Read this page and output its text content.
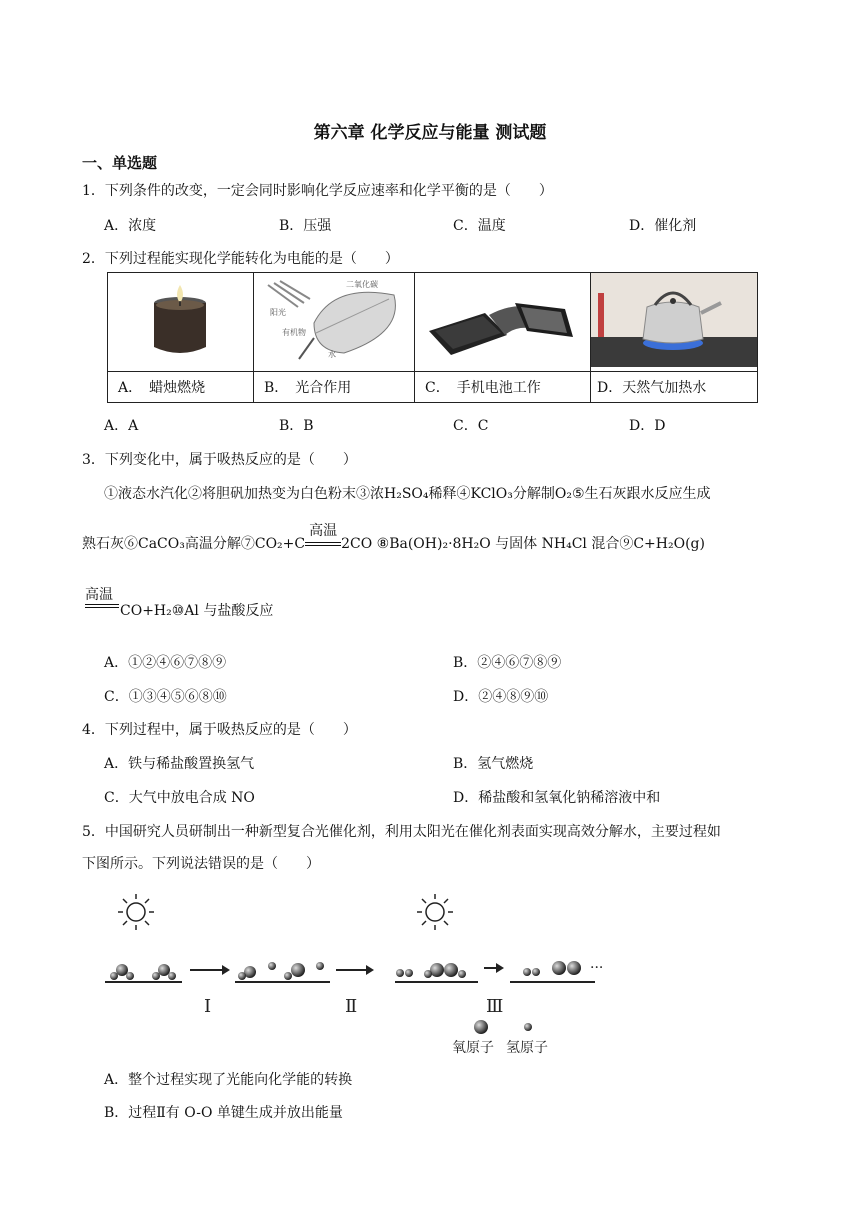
第六章 化学反应与能量 测试题
一、单选题
1．下列条件的改变，一定会同时影响化学反应速率和化学平衡的是（　　）
A．浓度	B．压强	C．温度	D．催化剂
2．下列过程能实现化学能转化为电能的是（　　）

二氧化碳
阳光
有机物
水

A．　蜡烛燃烧	B．　光合作用	C．　手机电池工作	D．天然气加热水
A．A	B．B	C．C	D．D
3．下列变化中，属于吸热反应的是（　　）
①液态水汽化②将胆矾加热变为白色粉末③浓H₂SO₄稀释④KClO₃分解制O₂⑤生石灰跟水反应生成
熟石灰⑥CaCO₃高温分解⑦CO₂+C
高温
2CO ⑧Ba(OH)₂·8H₂O 与固体 NH₄Cl 混合⑨C+H₂O(g)
高温
CO+H₂⑩Al 与盐酸反应
A．①②④⑥⑦⑧⑨	B．②④⑥⑦⑧⑨
C．①③④⑤⑥⑧⑩	D．②④⑧⑨⑩
4．下列过程中，属于吸热反应的是（　　）
A．铁与稀盐酸置换氢气	B．氢气燃烧
C．大气中放电合成 NO	D．稀盐酸和氢氧化钠稀溶液中和
5．中国研究人员研制出一种新型复合光催化剂，利用太阳光在催化剂表面实现高效分解水，主要过程如
下图所示。下列说法错误的是（　　）
···
Ⅰ	Ⅱ	Ⅲ
氧原子 氢原子
A．整个过程实现了光能向化学能的转换
B．过程Ⅱ有 O-O 单键生成并放出能量
